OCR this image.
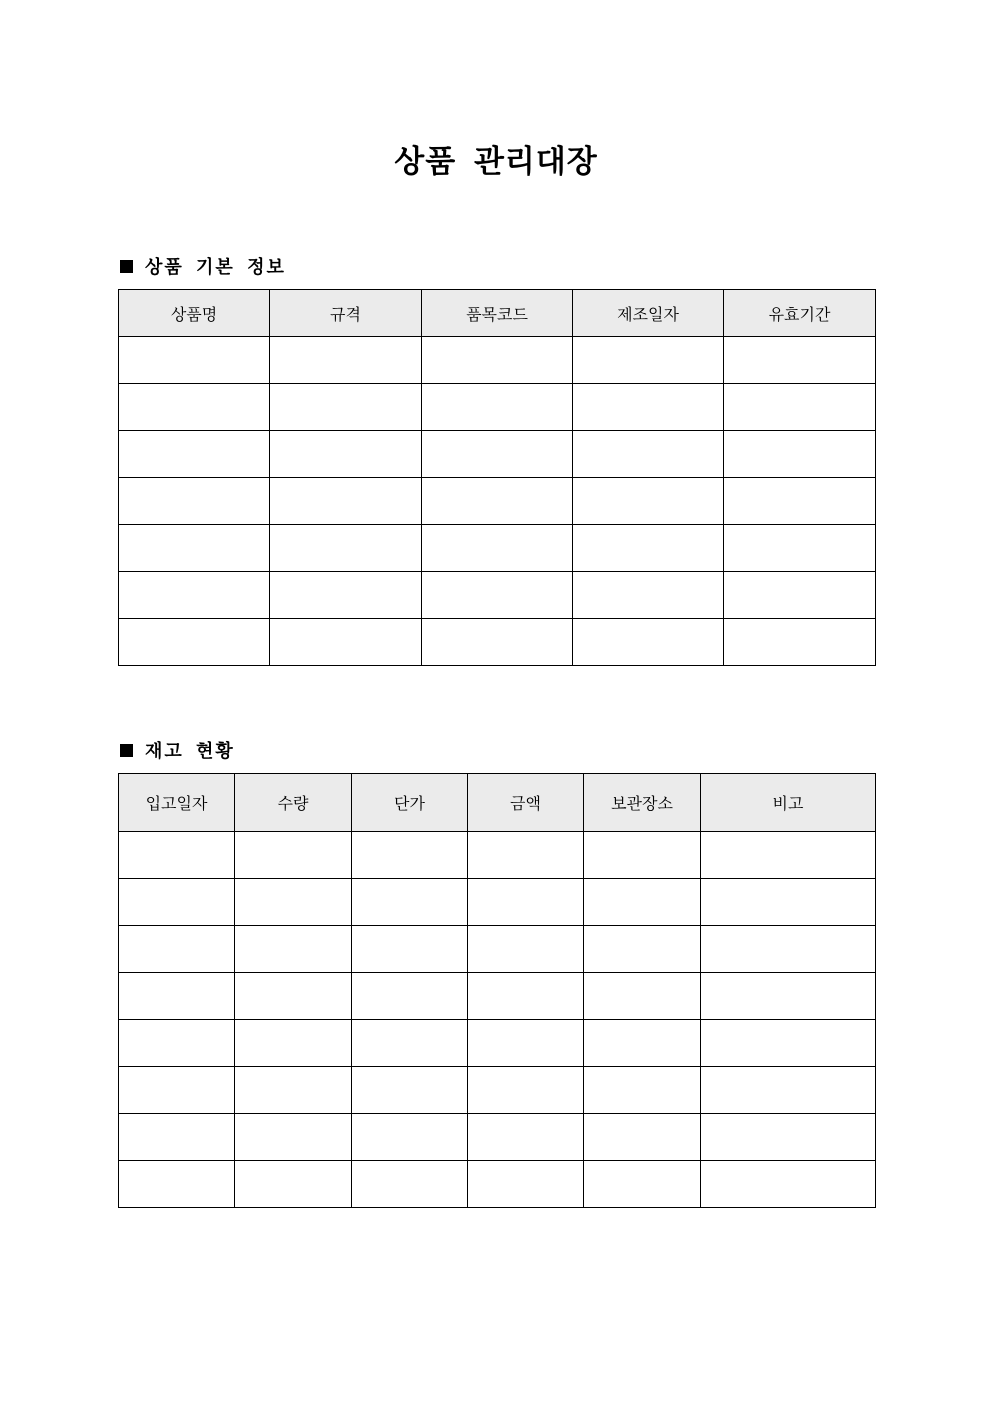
상품 관리대장
상품 기본 정보
상품명	규격	품목코드	제조일자	유효기간

재고 현황
입고일자	수량	단가	금액	보관장소	비고
